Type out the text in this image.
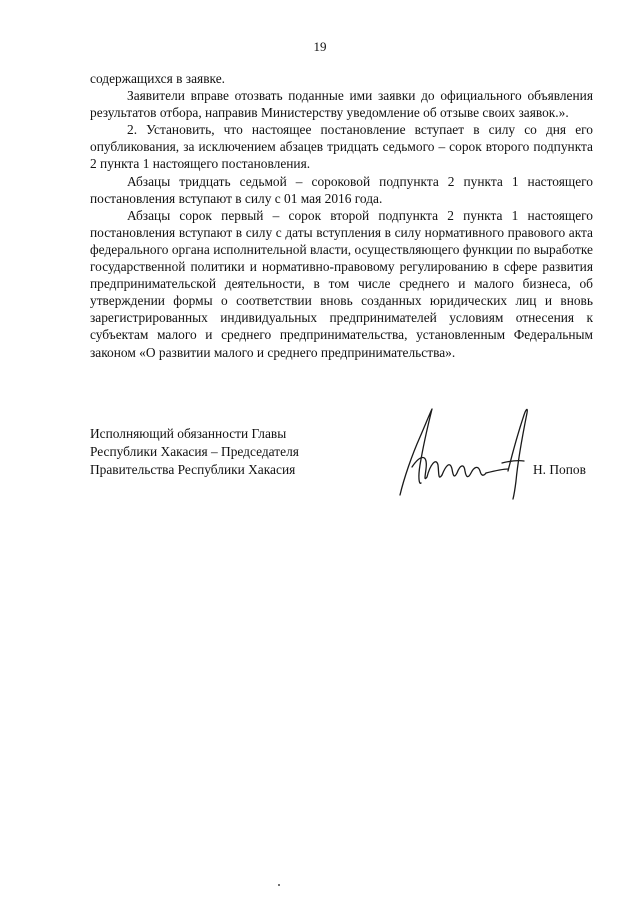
19

содержащихся в заявке.

Заявители вправе отозвать поданные ими заявки до официального объявления результатов отбора, направив Министерству уведомление об отзыве своих заявок.».

2. Установить, что настоящее постановление вступает в силу со дня его опубликования, за исключением абзацев тридцать седьмого – сорок второго подпункта 2 пункта 1 настоящего постановления.

Абзацы тридцать седьмой – сороковой подпункта 2 пункта 1 настоящего постановления вступают в силу с 01 мая 2016 года.

Абзацы сорок первый – сорок второй подпункта 2 пункта 1 настоящего постановления вступают в силу с даты вступления в силу нормативного правового акта федерального органа исполнительной власти, осуществляющего функции по выработке государственной политики и нормативно-правовому регулированию в сфере развития предпринимательской деятельности, в том числе среднего и малого бизнеса, об утверждении формы о соответствии вновь созданных юридических лиц и вновь зарегистрированных индивидуальных предпринимателей условиям отнесения к субъектам малого и среднего предпринимательства, установленным Федеральным законом «О развитии малого и среднего предпринимательства».

Исполняющий обязанности Главы
Республики Хакасия – Председателя
Правительства Республики Хакасия	Н. Попов
